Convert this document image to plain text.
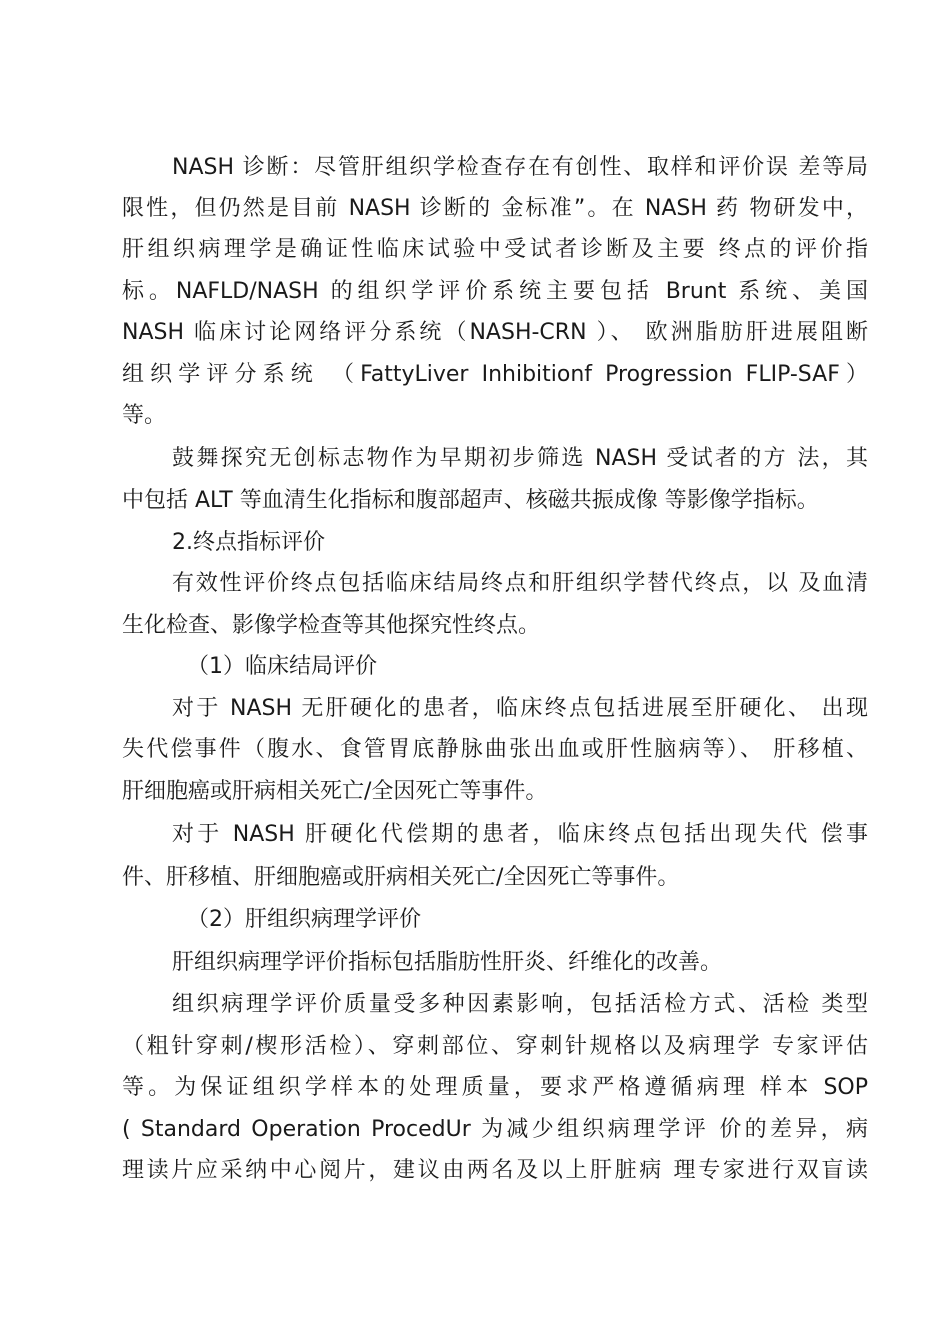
NASH 诊断：尽管肝组织学检查存在有创性、取样和评价误 差等局

限性，但仍然是目前 NASH 诊断的 金标准”。在 NASH 药 物研发中，

肝组织病理学是确证性临床试验中受试者诊断及主要 终点的评价指

标。NAFLD/NASH 的组织学评价系统主要包括 Brunt 系统、美国

NASH 临床讨论网络评分系统（NASH-CRN ）、 欧洲脂肪肝进展阻断

组织学评分系统 （FattyLiver Inhibitionf Progression FLIP-SAF）

等。

鼓舞探究无创标志物作为早期初步筛选 NASH 受试者的方 法，其

中包括 ALT 等血清生化指标和腹部超声、核磁共振成像 等影像学指标。

2.终点指标评价

有效性评价终点包括临床结局终点和肝组织学替代终点，以 及血清

生化检查、影像学检查等其他探究性终点。

（1）临床结局评价

对于 NASH 无肝硬化的患者，临床终点包括进展至肝硬化、 出现

失代偿事件（腹水、食管胃底静脉曲张出血或肝性脑病等）、 肝移植、

肝细胞癌或肝病相关死亡/全因死亡等事件。

对于 NASH 肝硬化代偿期的患者，临床终点包括出现失代 偿事

件、肝移植、肝细胞癌或肝病相关死亡/全因死亡等事件。

（2）肝组织病理学评价

肝组织病理学评价指标包括脂肪性肝炎、纤维化的改善。

组织病理学评价质量受多种因素影响，包括活检方式、活检 类型

（粗针穿刺/楔形活检）、穿刺部位、穿刺针规格以及病理学 专家评估

等。为保证组织学样本的处理质量，要求严格遵循病理 样本 SOP

( Standard Operation ProcedUr 为减少组织病理学评 价的差异，病

理读片应采纳中心阅片，建议由两名及以上肝脏病 理专家进行双盲读
